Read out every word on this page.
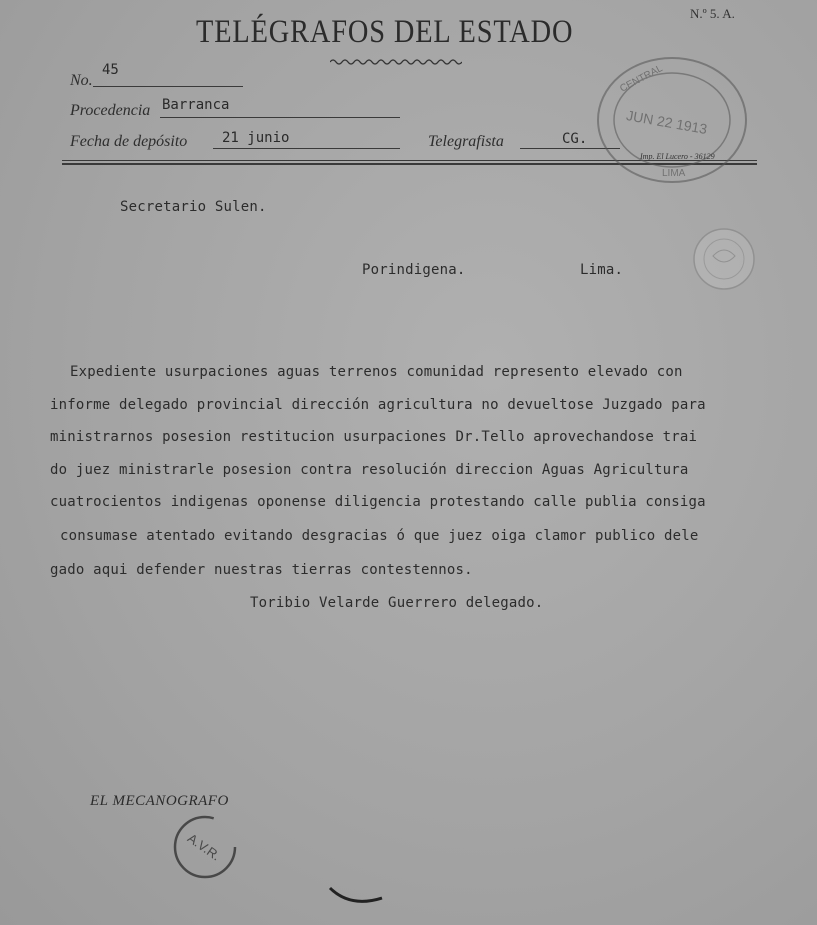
TELÉGRAFOS DEL ESTADO
N.º 5. A.
No.
45
Procedencia Barranca
Fecha de depósito 21 junio	Telegrafista	CG.
Imp. El Lucero - 36129
CENTRAL
JUN 22 1913
LIMA
Secretario Sulen.
Porindigena.	Lima.
Expediente usurpaciones aguas terrenos comunidad represento elevado con
informe delegado provincial dirección agricultura no devueltose Juzgado para
ministrarnos posesion restitucion usurpaciones Dr.Tello aprovechandose trai
do juez ministrarle posesion contra resolución direccion Aguas Agricultura
cuatrocientos indigenas oponense diligencia protestando calle publia consiga
consumase atentado evitando desgracias ó que juez oiga clamor publico dele
gado aqui defender nuestras tierras contestennos.
Toribio Velarde Guerrero delegado.
EL MECANOGRAFO
A.V.R.
